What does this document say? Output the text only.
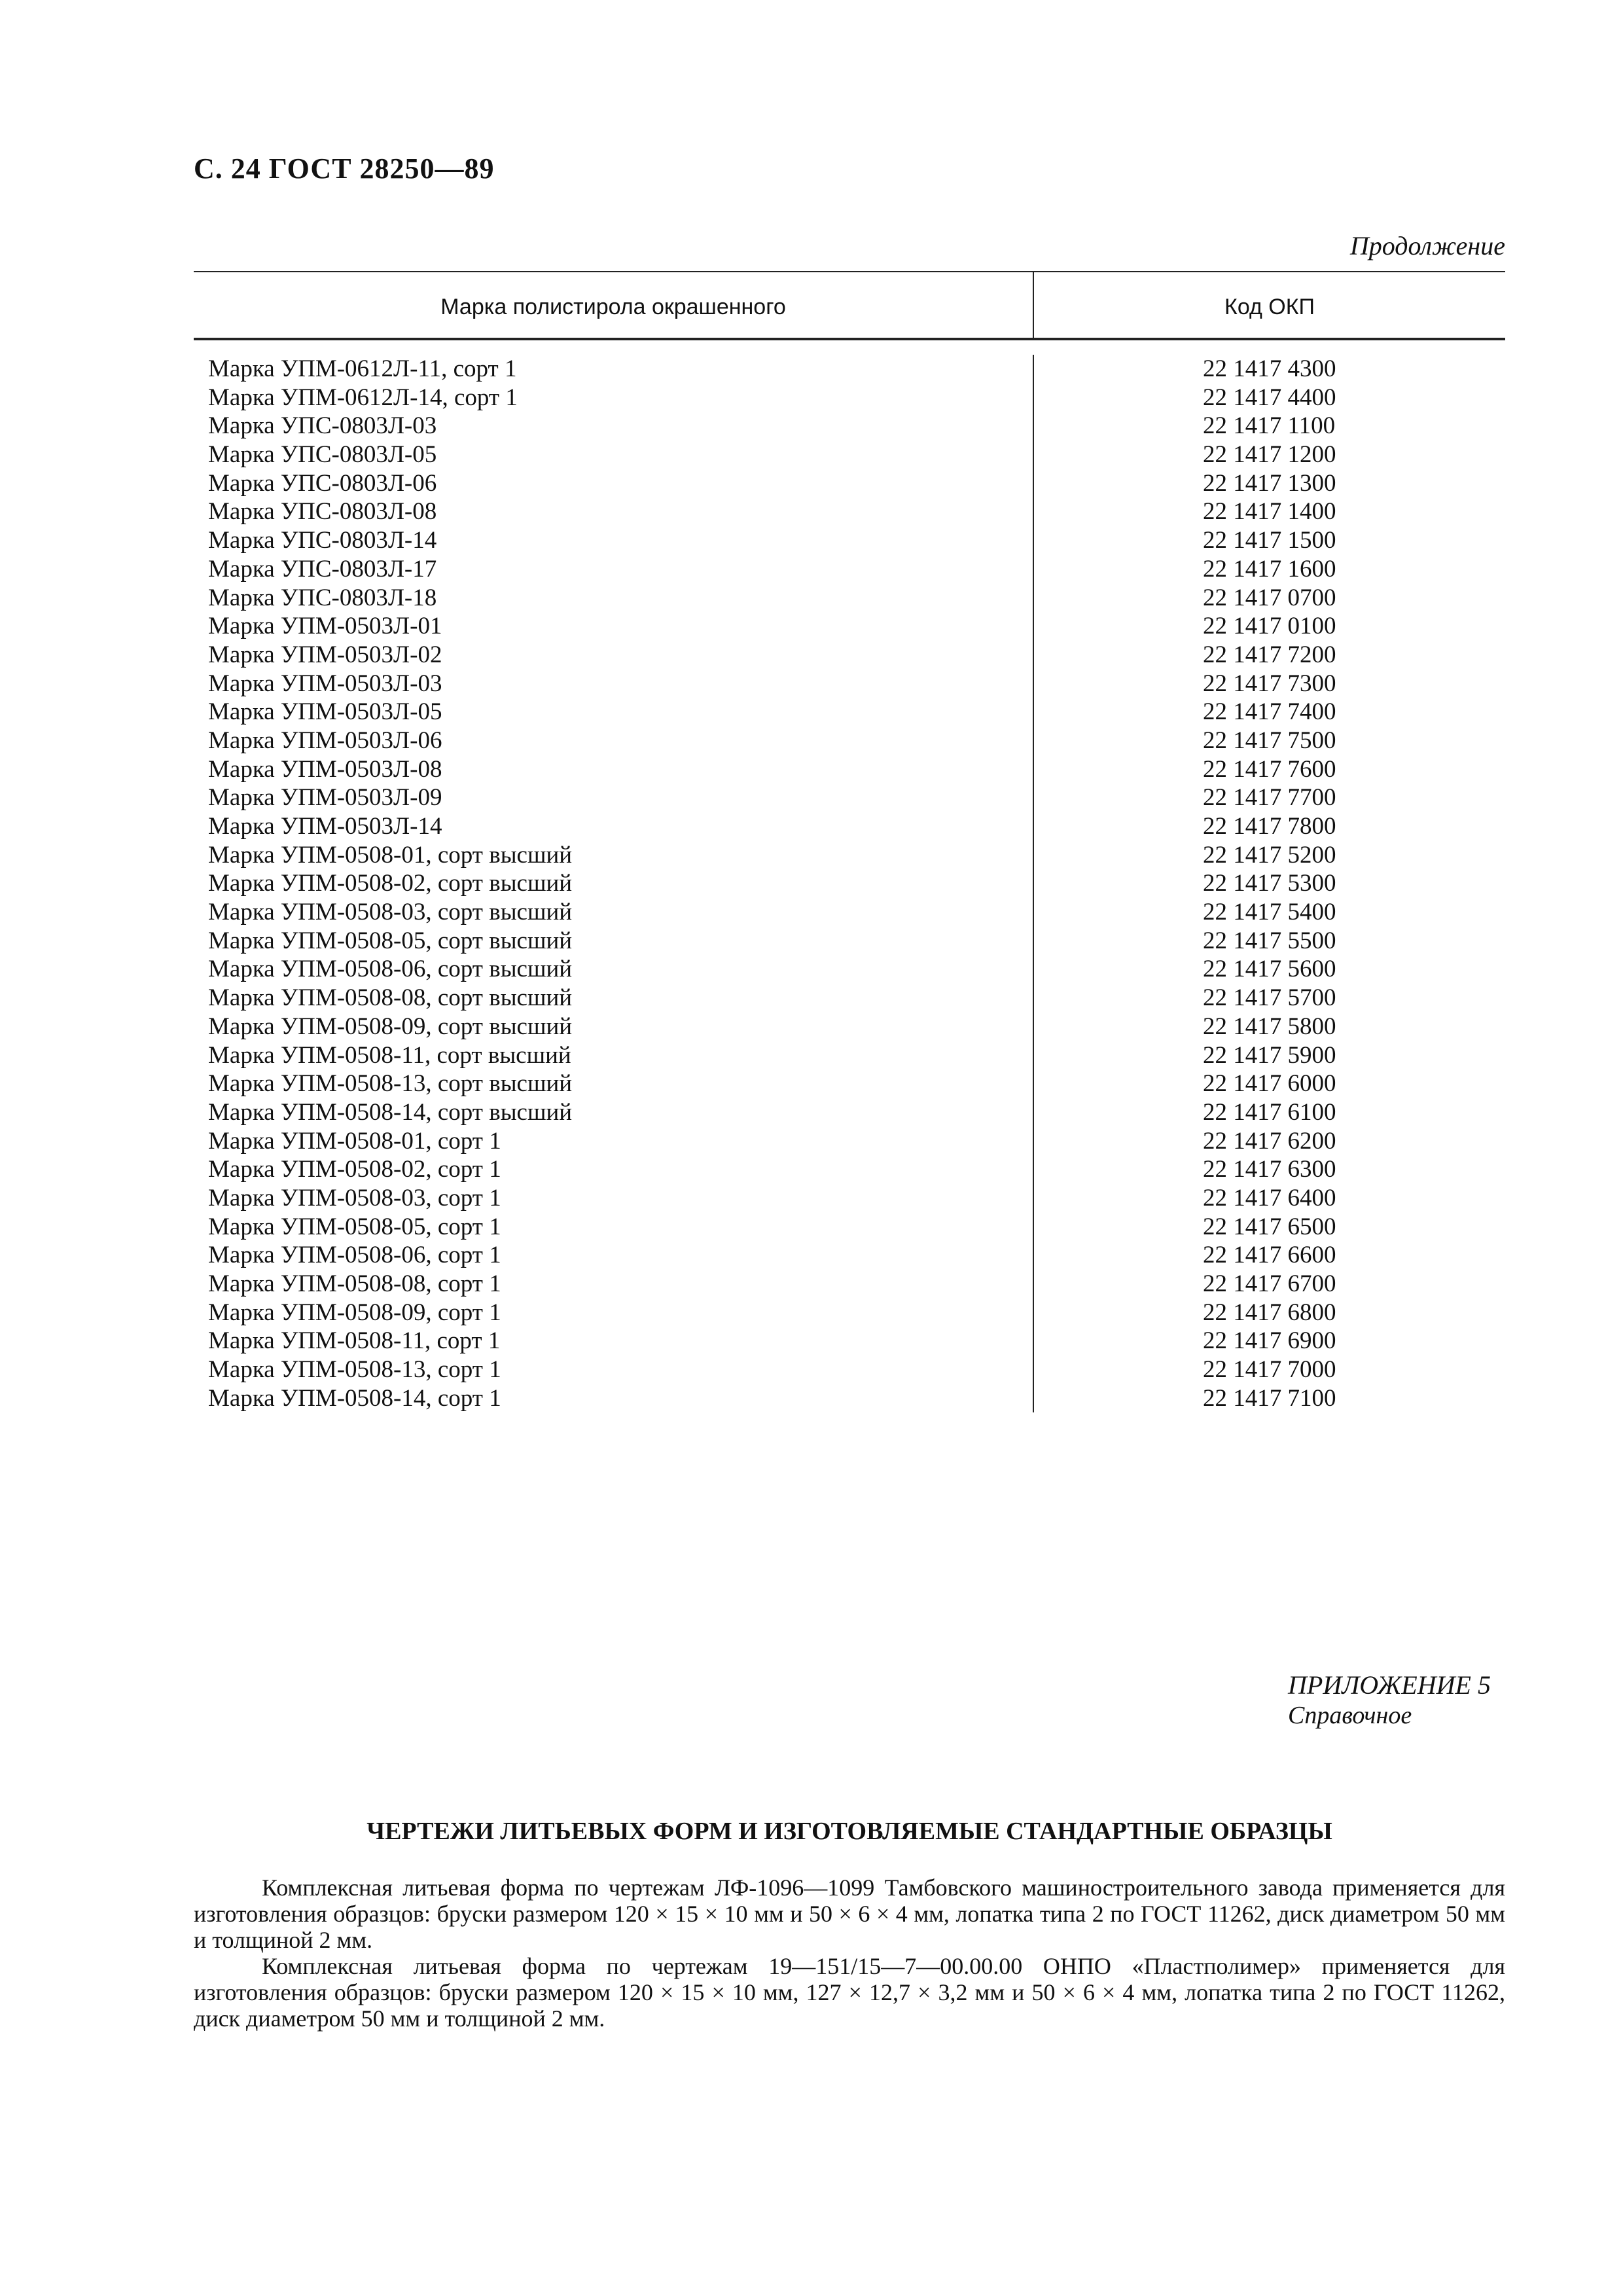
С. 24 ГОСТ 28250—89
Продолжение
Марка полистирола окрашенного	Код ОКП
Марка УПМ-0612Л-11, сорт 1
Марка УПМ-0612Л-14, сорт 1
Марка УПС-0803Л-03
Марка УПС-0803Л-05
Марка УПС-0803Л-06
Марка УПС-0803Л-08
Марка УПС-0803Л-14
Марка УПС-0803Л-17
Марка УПС-0803Л-18
Марка УПМ-0503Л-01
Марка УПМ-0503Л-02
Марка УПМ-0503Л-03
Марка УПМ-0503Л-05
Марка УПМ-0503Л-06
Марка УПМ-0503Л-08
Марка УПМ-0503Л-09
Марка УПМ-0503Л-14
Марка УПМ-0508-01, сорт высший
Марка УПМ-0508-02, сорт высший
Марка УПМ-0508-03, сорт высший
Марка УПМ-0508-05, сорт высший
Марка УПМ-0508-06, сорт высший
Марка УПМ-0508-08, сорт высший
Марка УПМ-0508-09, сорт высший
Марка УПМ-0508-11, сорт высший
Марка УПМ-0508-13, сорт высший
Марка УПМ-0508-14, сорт высший
Марка УПМ-0508-01, сорт 1
Марка УПМ-0508-02, сорт 1
Марка УПМ-0508-03, сорт 1
Марка УПМ-0508-05, сорт 1
Марка УПМ-0508-06, сорт 1
Марка УПМ-0508-08, сорт 1
Марка УПМ-0508-09, сорт 1
Марка УПМ-0508-11, сорт 1
Марка УПМ-0508-13, сорт 1
Марка УПМ-0508-14, сорт 1
22 1417 4300
22 1417 4400
22 1417 1100
22 1417 1200
22 1417 1300
22 1417 1400
22 1417 1500
22 1417 1600
22 1417 0700
22 1417 0100
22 1417 7200
22 1417 7300
22 1417 7400
22 1417 7500
22 1417 7600
22 1417 7700
22 1417 7800
22 1417 5200
22 1417 5300
22 1417 5400
22 1417 5500
22 1417 5600
22 1417 5700
22 1417 5800
22 1417 5900
22 1417 6000
22 1417 6100
22 1417 6200
22 1417 6300
22 1417 6400
22 1417 6500
22 1417 6600
22 1417 6700
22 1417 6800
22 1417 6900
22 1417 7000
22 1417 7100
ПРИЛОЖЕНИЕ 5
Справочное
ЧЕРТЕЖИ ЛИТЬЕВЫХ ФОРМ И ИЗГОТОВЛЯЕМЫЕ СТАНДАРТНЫЕ ОБРАЗЦЫ

Комплексная литьевая форма по чертежам ЛФ-1096—1099 Тамбовского машиностроительного завода применяется для изготовления образцов: бруски размером 120 × 15 × 10 мм и 50 × 6 × 4 мм, лопатка типа 2 по ГОСТ 11262, диск диаметром 50 мм и толщиной 2 мм.

Комплексная литьевая форма по чертежам 19—151/15—7—00.00.00 ОНПО «Пластполимер» применяется для изготовления образцов: бруски размером 120 × 15 × 10 мм, 127 × 12,7 × 3,2 мм и 50 × 6 × 4 мм, лопатка типа 2 по ГОСТ 11262, диск диаметром 50 мм и толщиной 2 мм.
